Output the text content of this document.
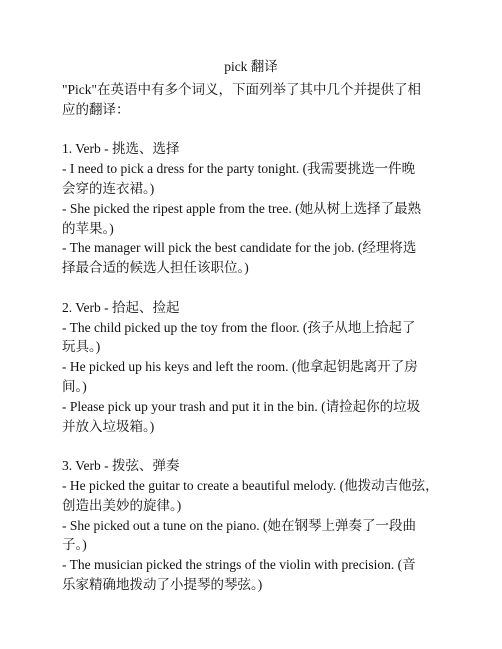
pick 翻译
"Pick"在英语中有多个词义，下面列举了其中几个并提供了相
应的翻译：
1. Verb - 挑选、选择
- I need to pick a dress for the party tonight. (我需要挑选一件晚
会穿的连衣裙。)
- She picked the ripest apple from the tree. (她从树上选择了最熟
的苹果。)
- The manager will pick the best candidate for the job. (经理将选
择最合适的候选人担任该职位。)
2. Verb - 拾起、捡起
- The child picked up the toy from the floor. (孩子从地上拾起了
玩具。)
- He picked up his keys and left the room. (他拿起钥匙离开了房
间。)
- Please pick up your trash and put it in the bin. (请捡起你的垃圾
并放入垃圾箱。)
3. Verb - 拨弦、弹奏
- He picked the guitar to create a beautiful melody. (他拨动吉他弦，
创造出美妙的旋律。)
- She picked out a tune on the piano. (她在钢琴上弹奏了一段曲
子。)
- The musician picked the strings of the violin with precision. (音
乐家精确地拨动了小提琴的琴弦。)
